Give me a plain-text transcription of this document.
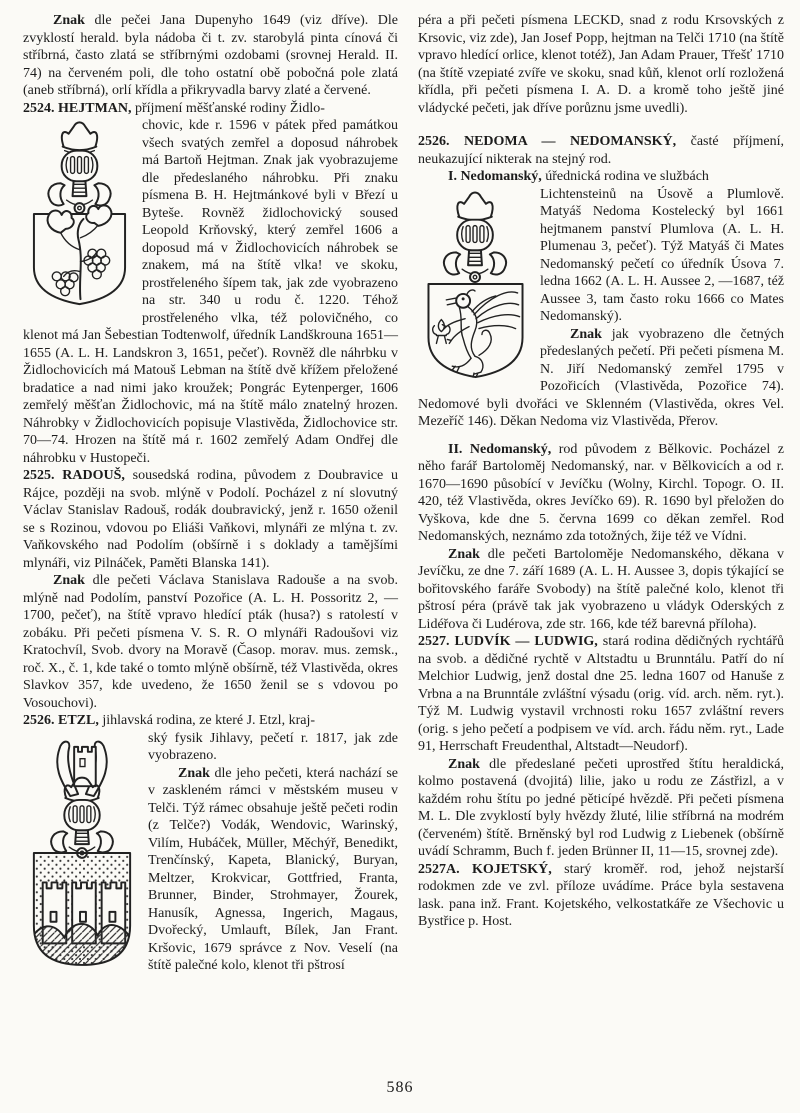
Znak dle pečei Jana Dupenyho 1649 (viz dříve). Dle zvyklostí herald. byla nádoba či t. zv. starobylá pinta cínová či stříbrná, často zlatá se stříbrnými ozdobami (srovnej Herald. II. 74) na červeném poli, dle toho ostatní obě pobočná pole zlatá (aneb stříbrná), orlí křídla a přikryvadla barvy zlaté a červené.

2524. HEJTMAN, příjmení měšťanské rodiny Židlo-

chovic, kde r. 1596 v pátek před památkou všech svatých zemřel a doposud náhrobek má Bartoň Hejtman. Znak jak vyobrazujeme dle předeslaného náhrobku. Při znaku písmena B. H. Hejtmánkové byli v Březí u Byteše. Rovněž židlochovický soused Leopold Krňovský, který zemřel 1606 a doposud má v Židlochovicích náhrobek se znakem, má na štítě vlka! ve skoku, prostřeleného šípem tak, jak zde vyobrazeno na str. 340 u rodu č. 1220. Téhož prostřeleného vlka, též polovičného, co klenot má Jan Šebestian Todtenwolf, úředník Landškrouna 1651—1655 (A. L. H. Landskron 3, 1651, pečeť). Rovněž dle náhrbku v Židlochovicích má Matouš Lebman na štítě dvě křížem přeložené bradatice a nad nimi jako kroužek; Pongrác Eytenperger, 1606 zemřelý měšťan Židlochovic, má na štítě málo znatelný hrozen. Náhrobky v Židlochovicích popisuje Vlastivěda, Židlochovice str. 70—74. Hrozen na štítě má r. 1602 zemřelý Adam Ondřej dle náhrobku v Hustopeči.

2525. RADOUŠ, sousedská rodina, původem z Doubravice u Rájce, později na svob. mlýně v Podolí. Pocházel z ní slovutný Václav Stanislav Radouš, rodák doubravický, jenž r. 1650 oženil se s Rozinou, vdovou po Eliáši Vaňkovi, mlynáři ze mlýna t. zv. Vaňkovského nad Podolím (obšírně i s doklady a tamějšími mlynáři, viz Pilnáček, Paměti Blanska 141).

Znak dle pečeti Václava Stanislava Radouše a na svob. mlýně nad Podolím, panství Pozořice (A. L. H. Possoritz 2, —1700, pečeť), na štítě vpravo hledící pták (husa?) s ratolestí v zobáku. Při pečeti písmena V. S. R. O mlynáři Radoušovi viz Kratochvíl, Svob. dvory na Moravě (Časop. morav. mus. zemsk., roč. X., č. 1, kde také o tomto mlýně obšírně, též Vlastivěda, okres Slavkov 357, kde uvedeno, že 1650 ženil se s vdovou po Vosouchovi).

2526. ETZL, jihlavská rodina, ze které J. Etzl, kraj-

ský fysik Jihlavy, pečetí r. 1817, jak zde vyobrazeno.

Znak dle jeho pečeti, která nachází se v zaskleném rámci v městském museu v Telči. Týž rámec obsahuje ještě pečeti rodin (z Telče?) Vodák, Wendovic, Warinský, Vilím, Hubáček, Müller, Měchýř, Benedikt, Trenčínský, Kapeta, Blanický, Buryan, Meltzer, Krokvicar, Gottfried, Franta, Brunner, Binder, Strohmayer, Žourek, Hanusík, Agnessa, Ingerich, Magaus, Dvořecký, Umlauft, Bílek, Jan Frant. Kršovic, 1679 správce z Nov. Veselí (na štítě palečné kolo, klenot tři pštrosí

péra a při pečeti písmena LECKD, snad z rodu Krsovských z Krsovic, viz zde), Jan Josef Popp, hejtman na Telči 1710 (na štítě vpravo hledící orlice, klenot totéž), Jan Adam Prauer, Třešť 1710 (na štítě vzepiaté zvíře ve skoku, snad kůň, klenot orlí rozložená křídla, při pečeti písmena I. A. D. a kromě toho ještě jiné vládycké pečeti, jak dříve porůznu jsme uvedli).

2526. NEDOMA — NEDOMANSKÝ, časté příjmení, neukazující nikterak na stejný rod.

I. Nedomanský, úřednická rodina ve službách

Lichtensteinů na Úsově a Plumlově. Matyáš Nedoma Kostelecký byl 1661 hejtmanem panství Plumlova (A. L. H. Plumenau 3, pečeť). Týž Matyáš či Mates Nedomanský pečetí co úředník Úsova 7. ledna 1662 (A. L. H. Aussee 2, —1687, též Aussee 3, tam často roku 1666 co Mates Nedomanský).

Znak jak vyobrazeno dle četných předeslaných pečetí. Při pečeti písmena M. N. Jiří Nedomanský zemřel 1795 v Pozořicích (Vlastivěda, Pozořice 74). Nedomové byli dvořáci ve Sklenném (Vlastivěda, okres Vel. Mezeříč 146). Děkan Nedoma viz Vlastivěda, Přerov.

II. Nedomanský, rod původem z Bělkovic. Pocházel z něho farář Bartoloměj Nedomanský, nar. v Bělkovicích a od r. 1670—1690 působící v Jevíčku (Wolny, Kirchl. Topogr. O. II. 420, též Vlastivěda, okres Jevíčko 69). R. 1690 byl přeložen do Vyškova, kde dne 5. června 1699 co děkan zemřel. Rod Nedomanských, neznámo zda totožných, žije též ve Vídni.

Znak dle pečeti Bartoloměje Nedomanského, děkana v Jevíčku, ze dne 7. září 1689 (A. L. H. Aussee 3, dopis týkající se bořitovského faráře Svobody) na štítě palečné kolo, klenot tři pštrosí péra (právě tak jak vyobrazeno u vládyk Oderských z Lidéřova či Ludérova, zde str. 166, kde též barevná příloha).

2527. LUDVÍK — LUDWIG, stará rodina dědičných rychtářů na svob. a dědičné rychtě v Altstadtu u Brunntálu. Patří do ní Melchior Ludwig, jenž dostal dne 25. ledna 1607 od Hanuše z Vrbna a na Brunntále zvláštní výsadu (orig. víd. arch. něm. ryt.). Týž M. Ludwig vystavil vrchnosti roku 1657 zvláštní revers (orig. s jeho pečetí a podpisem ve víd. arch. řádu něm. ryt., Lade 91, Herrschaft Freudenthal, Altstadt—Neudorf).

Znak dle předeslané pečeti uprostřed štítu heraldická, kolmo postavená (dvojitá) lilie, jako u rodu ze Zástřizl, a v každém rohu štítu po jedné pěticípé hvězdě. Při pečeti písmena M. L. Dle zvyklostí byly hvězdy žluté, lilie stříbrná na modrém (červeném) štítě. Brněnský byl rod Ludwig z Liebenek (obšírně uvádí Schramm, Buch f. jeden Brünner II, 11—15, srovnej zde).

2527A. KOJETSKÝ, starý kroměř. rod, jehož nejstarší rodokmen zde ve zvl. příloze uvádíme. Práce byla sestavena lask. pana inž. Frant. Kojetského, velkostatkáře ze Všechovic u Bystřice p. Host.

586
